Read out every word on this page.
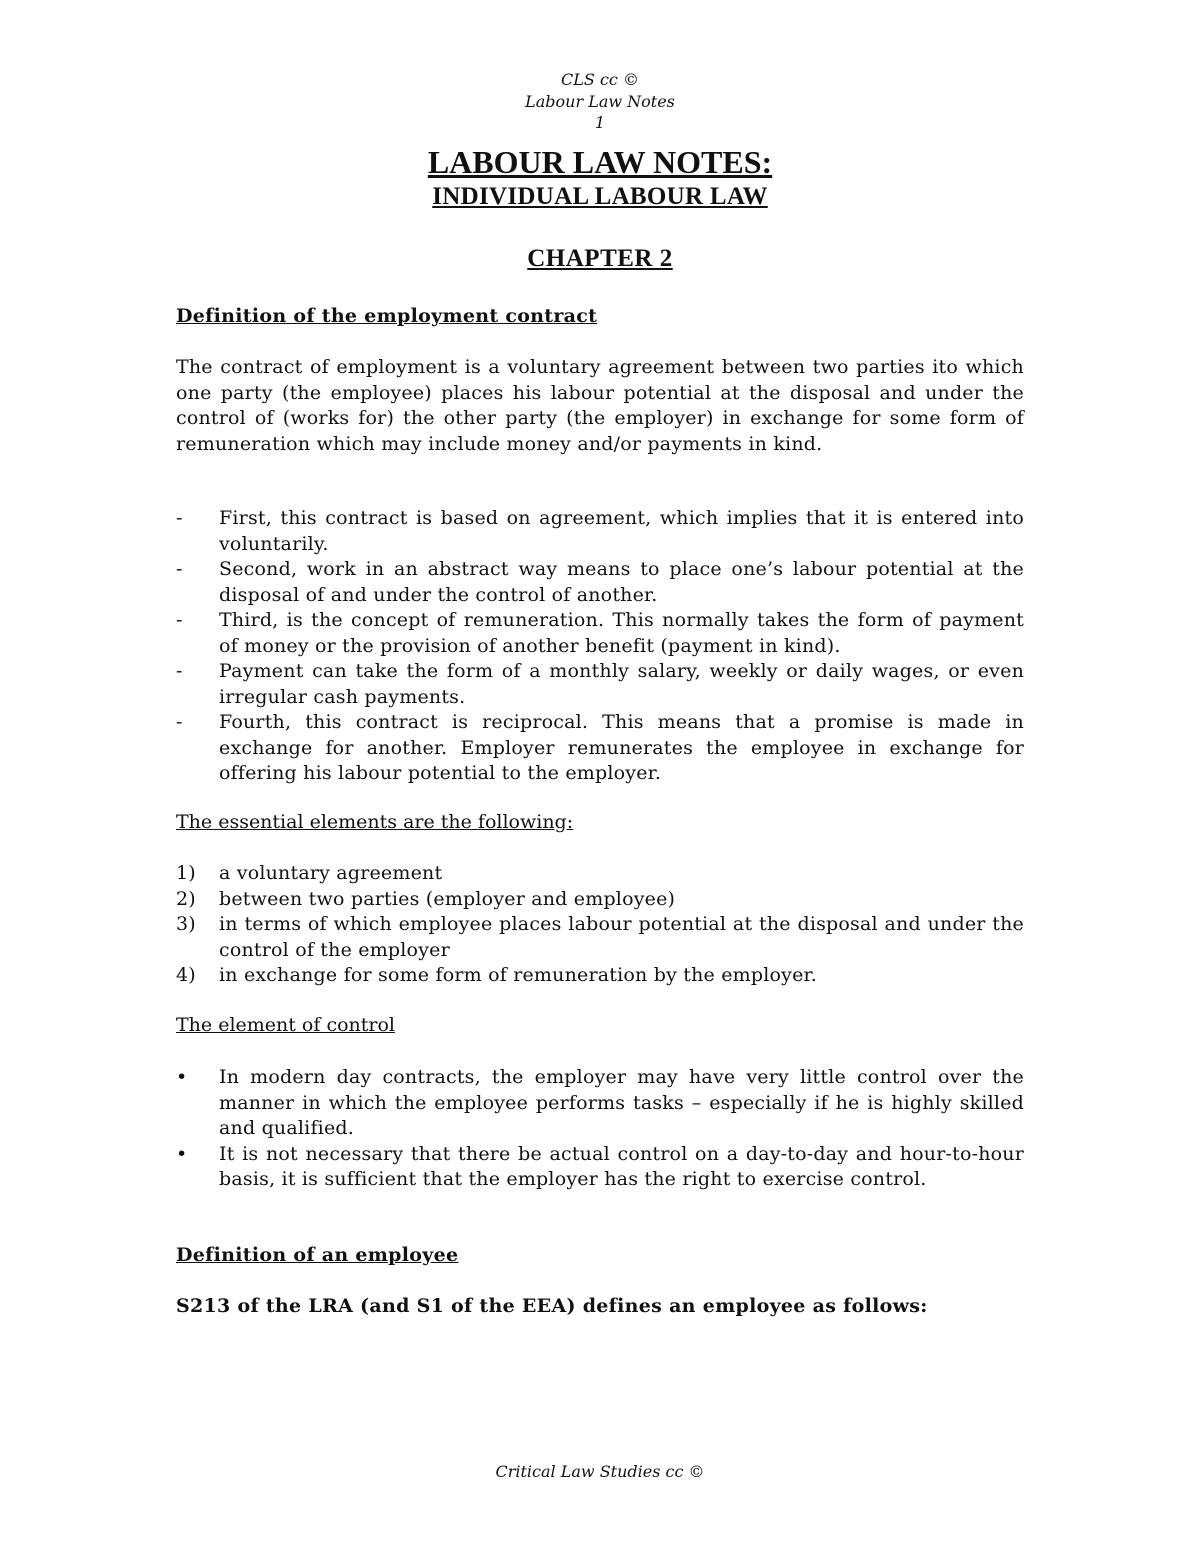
CLS cc ©
Labour Law Notes
1
LABOUR LAW NOTES:
INDIVIDUAL LABOUR LAW
CHAPTER 2
Definition of the employment contract
The contract of employment is a voluntary agreement between two parties ito which one party (the employee) places his labour potential at the disposal and under the control of (works for) the other party (the employer) in exchange for some form of remuneration which may include money and/or payments in kind.
- First, this contract is based on agreement, which implies that it is entered into voluntarily.
- Second, work in an abstract way means to place one’s labour potential at the disposal of and under the control of another.
- Third, is the concept of remuneration. This normally takes the form of payment of money or the provision of another benefit (payment in kind).
- Payment can take the form of a monthly salary, weekly or daily wages, or even irregular cash payments.
- Fourth, this contract is reciprocal. This means that a promise is made in exchange for another. Employer remunerates the employee in exchange for offering his labour potential to the employer.
The essential elements are the following:
1) a voluntary agreement
2) between two parties (employer and employee)
3) in terms of which employee places labour potential at the disposal and under the control of the employer
4) in exchange for some form of remuneration by the employer.
The element of control
• In modern day contracts, the employer may have very little control over the manner in which the employee performs tasks – especially if he is highly skilled and qualified.
• It is not necessary that there be actual control on a day-to-day and hour-to-hour basis, it is sufficient that the employer has the right to exercise control.
Definition of an employee
S213 of the LRA (and S1 of the EEA) defines an employee as follows:
Critical Law Studies cc ©
